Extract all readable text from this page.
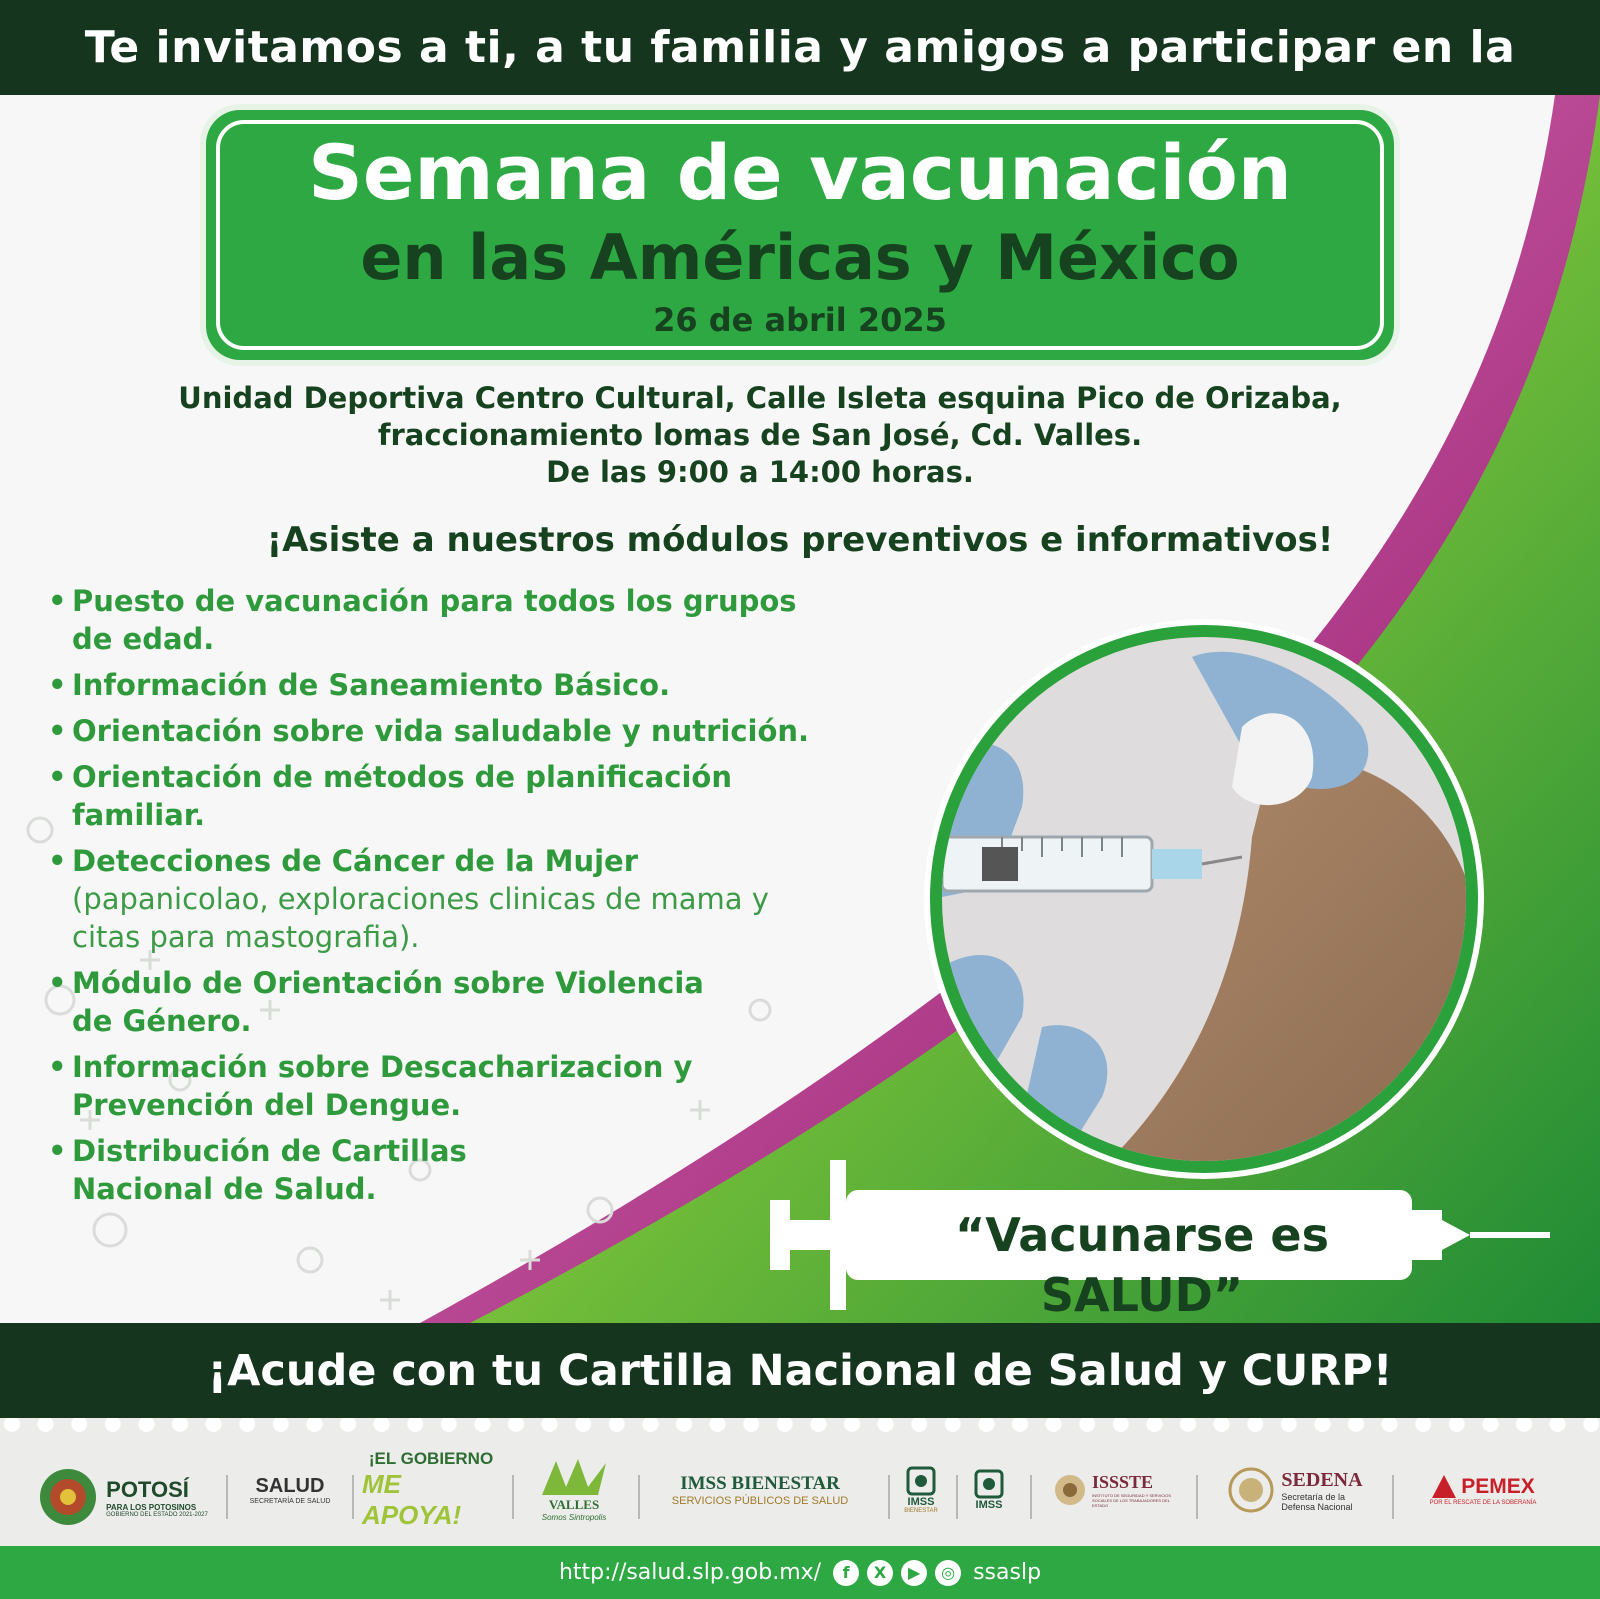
Te invitamos a ti, a tu familia y amigos a participar en la
Semana de vacunación
en las Américas y México
26 de abril 2025
Unidad Deportiva Centro Cultural, Calle Isleta esquina Pico de Orizaba,
fraccionamiento lomas de San José, Cd. Valles.
De las 9:00 a 14:00 horas.
¡Asiste a nuestros módulos preventivos e informativos!
• Puesto de vacunación para todos los grupos de edad.
• Información de Saneamiento Básico.
• Orientación sobre vida saludable y nutrición.
• Orientación de métodos de planificación familiar.
• Detecciones de Cáncer de la Mujer
(papanicolao, exploraciones clinicas de mama y citas para mastografia).
• Módulo de Orientación sobre Violencia de Género.
• Información sobre Descacharizacion y Prevención del Dengue.
• Distribución de Cartillas Nacional de Salud.
“Vacunarse es SALUD”
¡Acude con tu Cartilla Nacional de Salud y CURP!
POTOSÍ
PARA LOS POTOSINOS
GOBIERNO DEL ESTADO 2021-2027
SALUD
SECRETARÍA DE SALUD
¡EL GOBIERNO
ME APOYA!	VALLES
Somos Sintropolis
IMSS BIENESTAR
SERVICIOS PÚBLICOS DE SALUD	IMSS
BIENESTAR	IMSS
ISSSTE
INSTITUTO DE SEGURIDAD Y SERVICIOS SOCIALES DE LOS TRABAJADORES DEL ESTADO
SEDENA
Secretaría de la
Defensa Nacional
PEMEX
POR EL RESCATE DE LA SOBERANÍA
http://salud.slp.gob.mx/	f	X	▶	◎ ssaslp
